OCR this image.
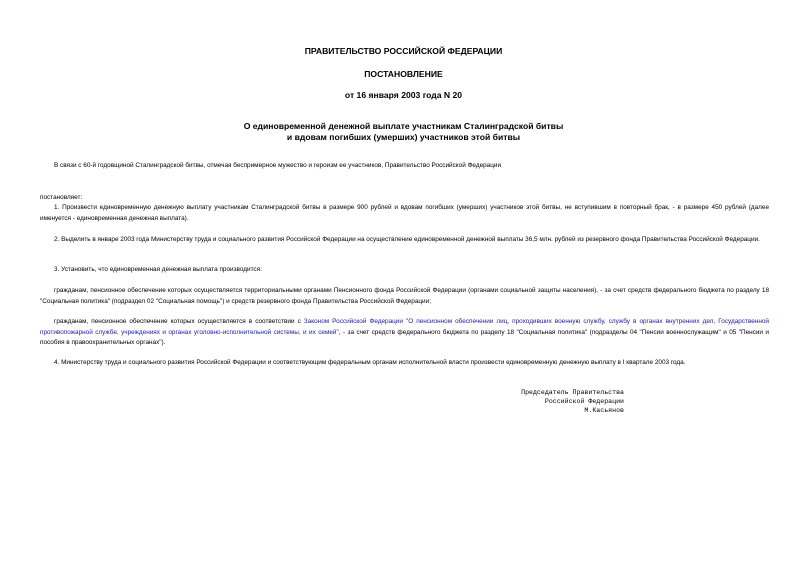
ПРАВИТЕЛЬСТВО РОССИЙСКОЙ ФЕДЕРАЦИИ
ПОСТАНОВЛЕНИЕ
от 16 января 2003 года N 20
О единовременной денежной выплате участникам Сталинградской битвы
и вдовам погибших (умерших) участников этой битвы
В связи с 60-й годовщиной Сталинградской битвы, отмечая беспримерное мужество и героизм ее участников, Правительство Российской Федерации
постановляет:
1. Произвести единовременную денежную выплату участникам Сталинградской битвы в размере 900 рублей и вдовам погибших (умерших) участников этой битвы, не вступившим в повторный брак, - в размере 450 рублей (далее именуется - единовременная денежная выплата).
2. Выделить в январе 2003 года Министерству труда и социального развития Российской Федерации на осуществление единовременной денежной выплаты 36,5 млн. рублей из резервного фонда Правительства Российской Федерации.
3. Установить, что единовременная денежная выплата производится:
гражданам, пенсионное обеспечение которых осуществляется территориальными органами Пенсионного фонда Российской Федерации (органами социальной защиты населения), - за счет средств федерального бюджета по разделу 18 "Социальная политика" (подраздел 02 "Социальная помощь") и средств резервного фонда Правительства Российской Федерации;
гражданам, пенсионное обеспечение которых осуществляется в соответствии с Законом Российской Федерации "О пенсионном обеспечении лиц, проходивших военную службу, службу в органах внутренних дел, Государственной противопожарной службе, учреждениях и органах уголовно-исполнительной системы, и их семей", - за счет средств федерального бюджета по разделу 18 "Социальная политика" (подразделы 04 "Пенсии военнослужащим" и 05 "Пенсии и пособия в правоохранительных органах").
4. Министерству труда и социального развития Российской Федерации и соответствующим федеральным органам исполнительной власти произвести единовременную денежную выплату в I квартале 2003 года.
Председатель Правительства
Российской Федерации
М.Касьянов
